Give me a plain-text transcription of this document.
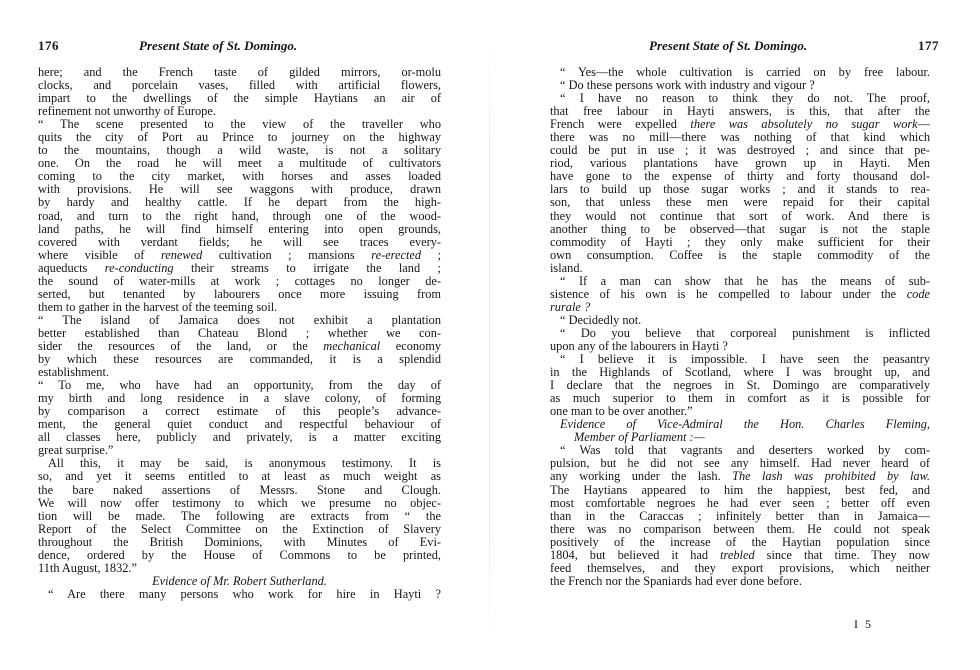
176	Present State of St. Domingo.
here; and the French taste of gilded mirrors, or-molu
clocks, and porcelain vases, filled with artificial flowers,
impart to the dwellings of the simple Haytians an air of
refinement not unworthy of Europe.
“ The scene presented to the view of the traveller who
quits the city of Port au Prince to journey on the highway
to the mountains, though a wild waste, is not a solitary
one. On the road he will meet a multitude of cultivators
coming to the city market, with horses and asses loaded
with provisions. He will see waggons with produce, drawn
by hardy and healthy cattle. If he depart from the high-
road, and turn to the right hand, through one of the wood-
land paths, he will find himself entering into open grounds,
covered with verdant fields; he will see traces every-
where visible of renewed cultivation ; mansions re-erected ;
aqueducts re-conducting their streams to irrigate the land ;
the sound of water-mills at work ; cottages no longer de-
serted, but tenanted by labourers once more issuing from
them to gather in the harvest of the teeming soil.
“ The island of Jamaica does not exhibit a plantation
better established than Chateau Blond ; whether we con-
sider the resources of the land, or the mechanical economy
by which these resources are commanded, it is a splendid
establishment.
“ To me, who have had an opportunity, from the day of
my birth and long residence in a slave colony, of forming
by comparison a correct estimate of this people’s advance-
ment, the general quiet conduct and respectful behaviour of
all classes here, publicly and privately, is a matter exciting
great surprise.”
All this, it may be said, is anonymous testimony. It is
so, and yet it seems entitled to at least as much weight as
the bare naked assertions of Messrs. Stone and Clough.
We will now offer testimony to which we presume no objec-
tion will be made. The following are extracts from “ the
Report of the Select Committee on the Extinction of Slavery
throughout the British Dominions, with Minutes of Evi-
dence, ordered by the House of Commons to be printed,
11th August, 1832.”
Evidence of Mr. Robert Sutherland.
“ Are there many persons who work for hire in Hayti ?
Present State of St. Domingo.	177
“ Yes—the whole cultivation is carried on by free labour.
“ Do these persons work with industry and vigour ?
“ I have no reason to think they do not. The proof,
that free labour in Hayti answers, is this, that after the
French were expelled there was absolutely no sugar work—
there was no mill—there was nothing of that kind which
could be put in use ; it was destroyed ; and since that pe-
riod, various plantations have grown up in Hayti. Men
have gone to the expense of thirty and forty thousand dol-
lars to build up those sugar works ; and it stands to rea-
son, that unless these men were repaid for their capital
they would not continue that sort of work. And there is
another thing to be observed—that sugar is not the staple
commodity of Hayti ; they only make sufficient for their
own consumption. Coffee is the staple commodity of the
island.
“ If a man can show that he has the means of sub-
sistence of his own is he compelled to labour under the code
rurale ?
“ Decidedly not.
“ Do you believe that corporeal punishment is inflicted
upon any of the labourers in Hayti ?
“ I believe it is impossible. I have seen the peasantry
in the Highlands of Scotland, where I was brought up, and
I declare that the negroes in St. Domingo are comparatively
as much superior to them in comfort as it is possible for
one man to be over another.”
Evidence of Vice-Admiral the Hon. Charles Fleming,
Member of Parliament :—
“ Was told that vagrants and deserters worked by com-
pulsion, but he did not see any himself. Had never heard of
any working under the lash. The lash was prohibited by law.
The Haytians appeared to him the happiest, best fed, and
most comfortable negroes he had ever seen ; better off even
than in the Caraccas ; infinitely better than in Jamaica—
there was no comparison between them. He could not speak
positively of the increase of the Haytian population since
1804, but believed it had trebled since that time. They now
feed themselves, and they export provisions, which neither
the French nor the Spaniards had ever done before.
I 5
